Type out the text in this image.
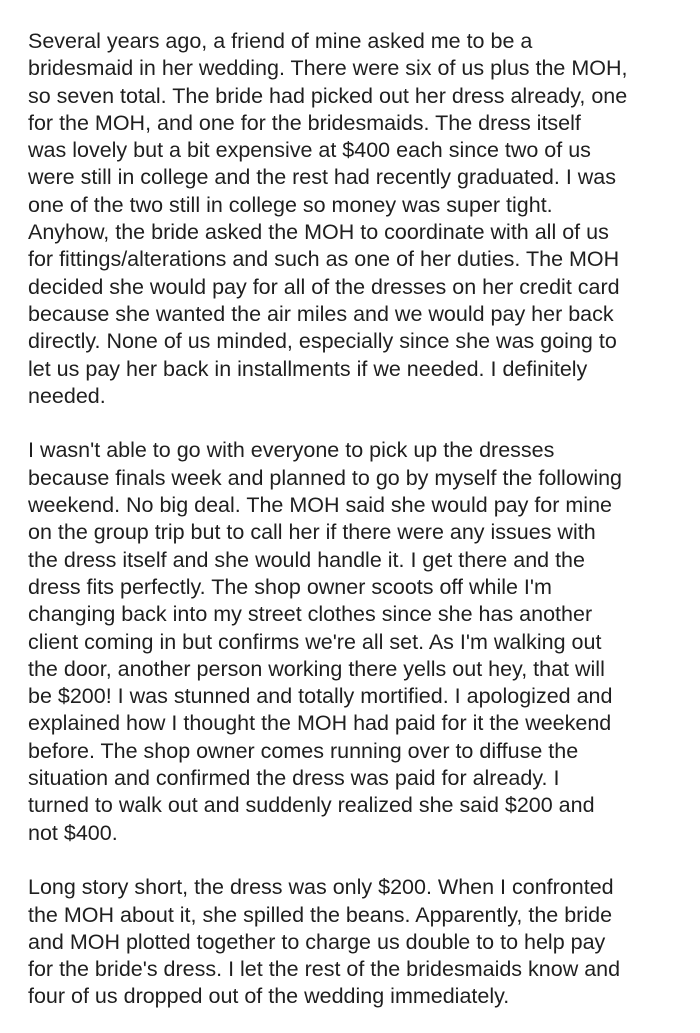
Several years ago, a friend of mine asked me to be a
bridesmaid in her wedding. There were six of us plus the MOH,
so seven total. The bride had picked out her dress already, one
for the MOH, and one for the bridesmaids. The dress itself
was lovely but a bit expensive at $400 each since two of us
were still in college and the rest had recently graduated. I was
one of the two still in college so money was super tight.
Anyhow, the bride asked the MOH to coordinate with all of us
for fittings/alterations and such as one of her duties. The MOH
decided she would pay for all of the dresses on her credit card
because she wanted the air miles and we would pay her back
directly. None of us minded, especially since she was going to
let us pay her back in installments if we needed. I definitely
needed.

I wasn't able to go with everyone to pick up the dresses
because finals week and planned to go by myself the following
weekend. No big deal. The MOH said she would pay for mine
on the group trip but to call her if there were any issues with
the dress itself and she would handle it. I get there and the
dress fits perfectly. The shop owner scoots off while I'm
changing back into my street clothes since she has another
client coming in but confirms we're all set. As I'm walking out
the door, another person working there yells out hey, that will
be $200! I was stunned and totally mortified. I apologized and
explained how I thought the MOH had paid for it the weekend
before. The shop owner comes running over to diffuse the
situation and confirmed the dress was paid for already. I
turned to walk out and suddenly realized she said $200 and
not $400.

Long story short, the dress was only $200. When I confronted
the MOH about it, she spilled the beans. Apparently, the bride
and MOH plotted together to charge us double to to help pay
for the bride's dress. I let the rest of the bridesmaids know and
four of us dropped out of the wedding immediately.
